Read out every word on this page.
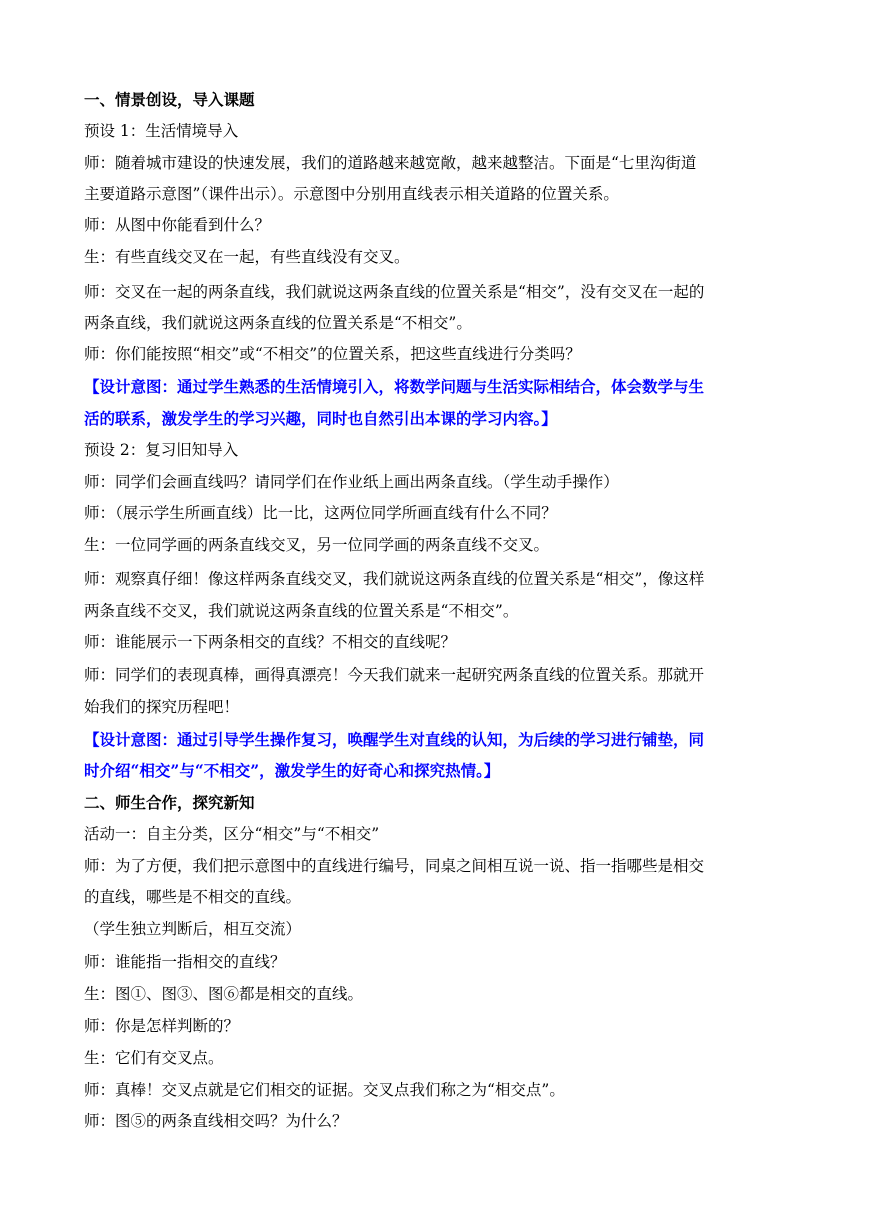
一、情景创设，导入课题
预设 1：生活情境导入
师：随着城市建设的快速发展，我们的道路越来越宽敞，越来越整洁。下面是“七里沟街道
主要道路示意图”（课件出示）。示意图中分别用直线表示相关道路的位置关系。
师：从图中你能看到什么？
生：有些直线交叉在一起，有些直线没有交叉。
师：交叉在一起的两条直线，我们就说这两条直线的位置关系是“相交”，没有交叉在一起的
两条直线，我们就说这两条直线的位置关系是“不相交”。
师：你们能按照“相交”或“不相交”的位置关系，把这些直线进行分类吗？
【设计意图：通过学生熟悉的生活情境引入，将数学问题与生活实际相结合，体会数学与生
活的联系，激发学生的学习兴趣，同时也自然引出本课的学习内容。】
预设 2：复习旧知导入
师：同学们会画直线吗？请同学们在作业纸上画出两条直线。（学生动手操作）
师：（展示学生所画直线）比一比，这两位同学所画直线有什么不同？
生：一位同学画的两条直线交叉，另一位同学画的两条直线不交叉。
师：观察真仔细！像这样两条直线交叉，我们就说这两条直线的位置关系是“相交”，像这样
两条直线不交叉，我们就说这两条直线的位置关系是“不相交”。
师：谁能展示一下两条相交的直线？不相交的直线呢？
师：同学们的表现真棒，画得真漂亮！今天我们就来一起研究两条直线的位置关系。那就开
始我们的探究历程吧！
【设计意图：通过引导学生操作复习，唤醒学生对直线的认知，为后续的学习进行铺垫，同
时介绍“相交”与“不相交”，激发学生的好奇心和探究热情。】
二、师生合作，探究新知
活动一：自主分类，区分“相交”与“不相交”
师：为了方便，我们把示意图中的直线进行编号，同桌之间相互说一说、指一指哪些是相交
的直线，哪些是不相交的直线。
（学生独立判断后，相互交流）
师：谁能指一指相交的直线？
生：图①、图③、图⑥都是相交的直线。
师：你是怎样判断的？
生：它们有交叉点。
师：真棒！交叉点就是它们相交的证据。交叉点我们称之为“相交点”。
师：图⑤的两条直线相交吗？为什么？
